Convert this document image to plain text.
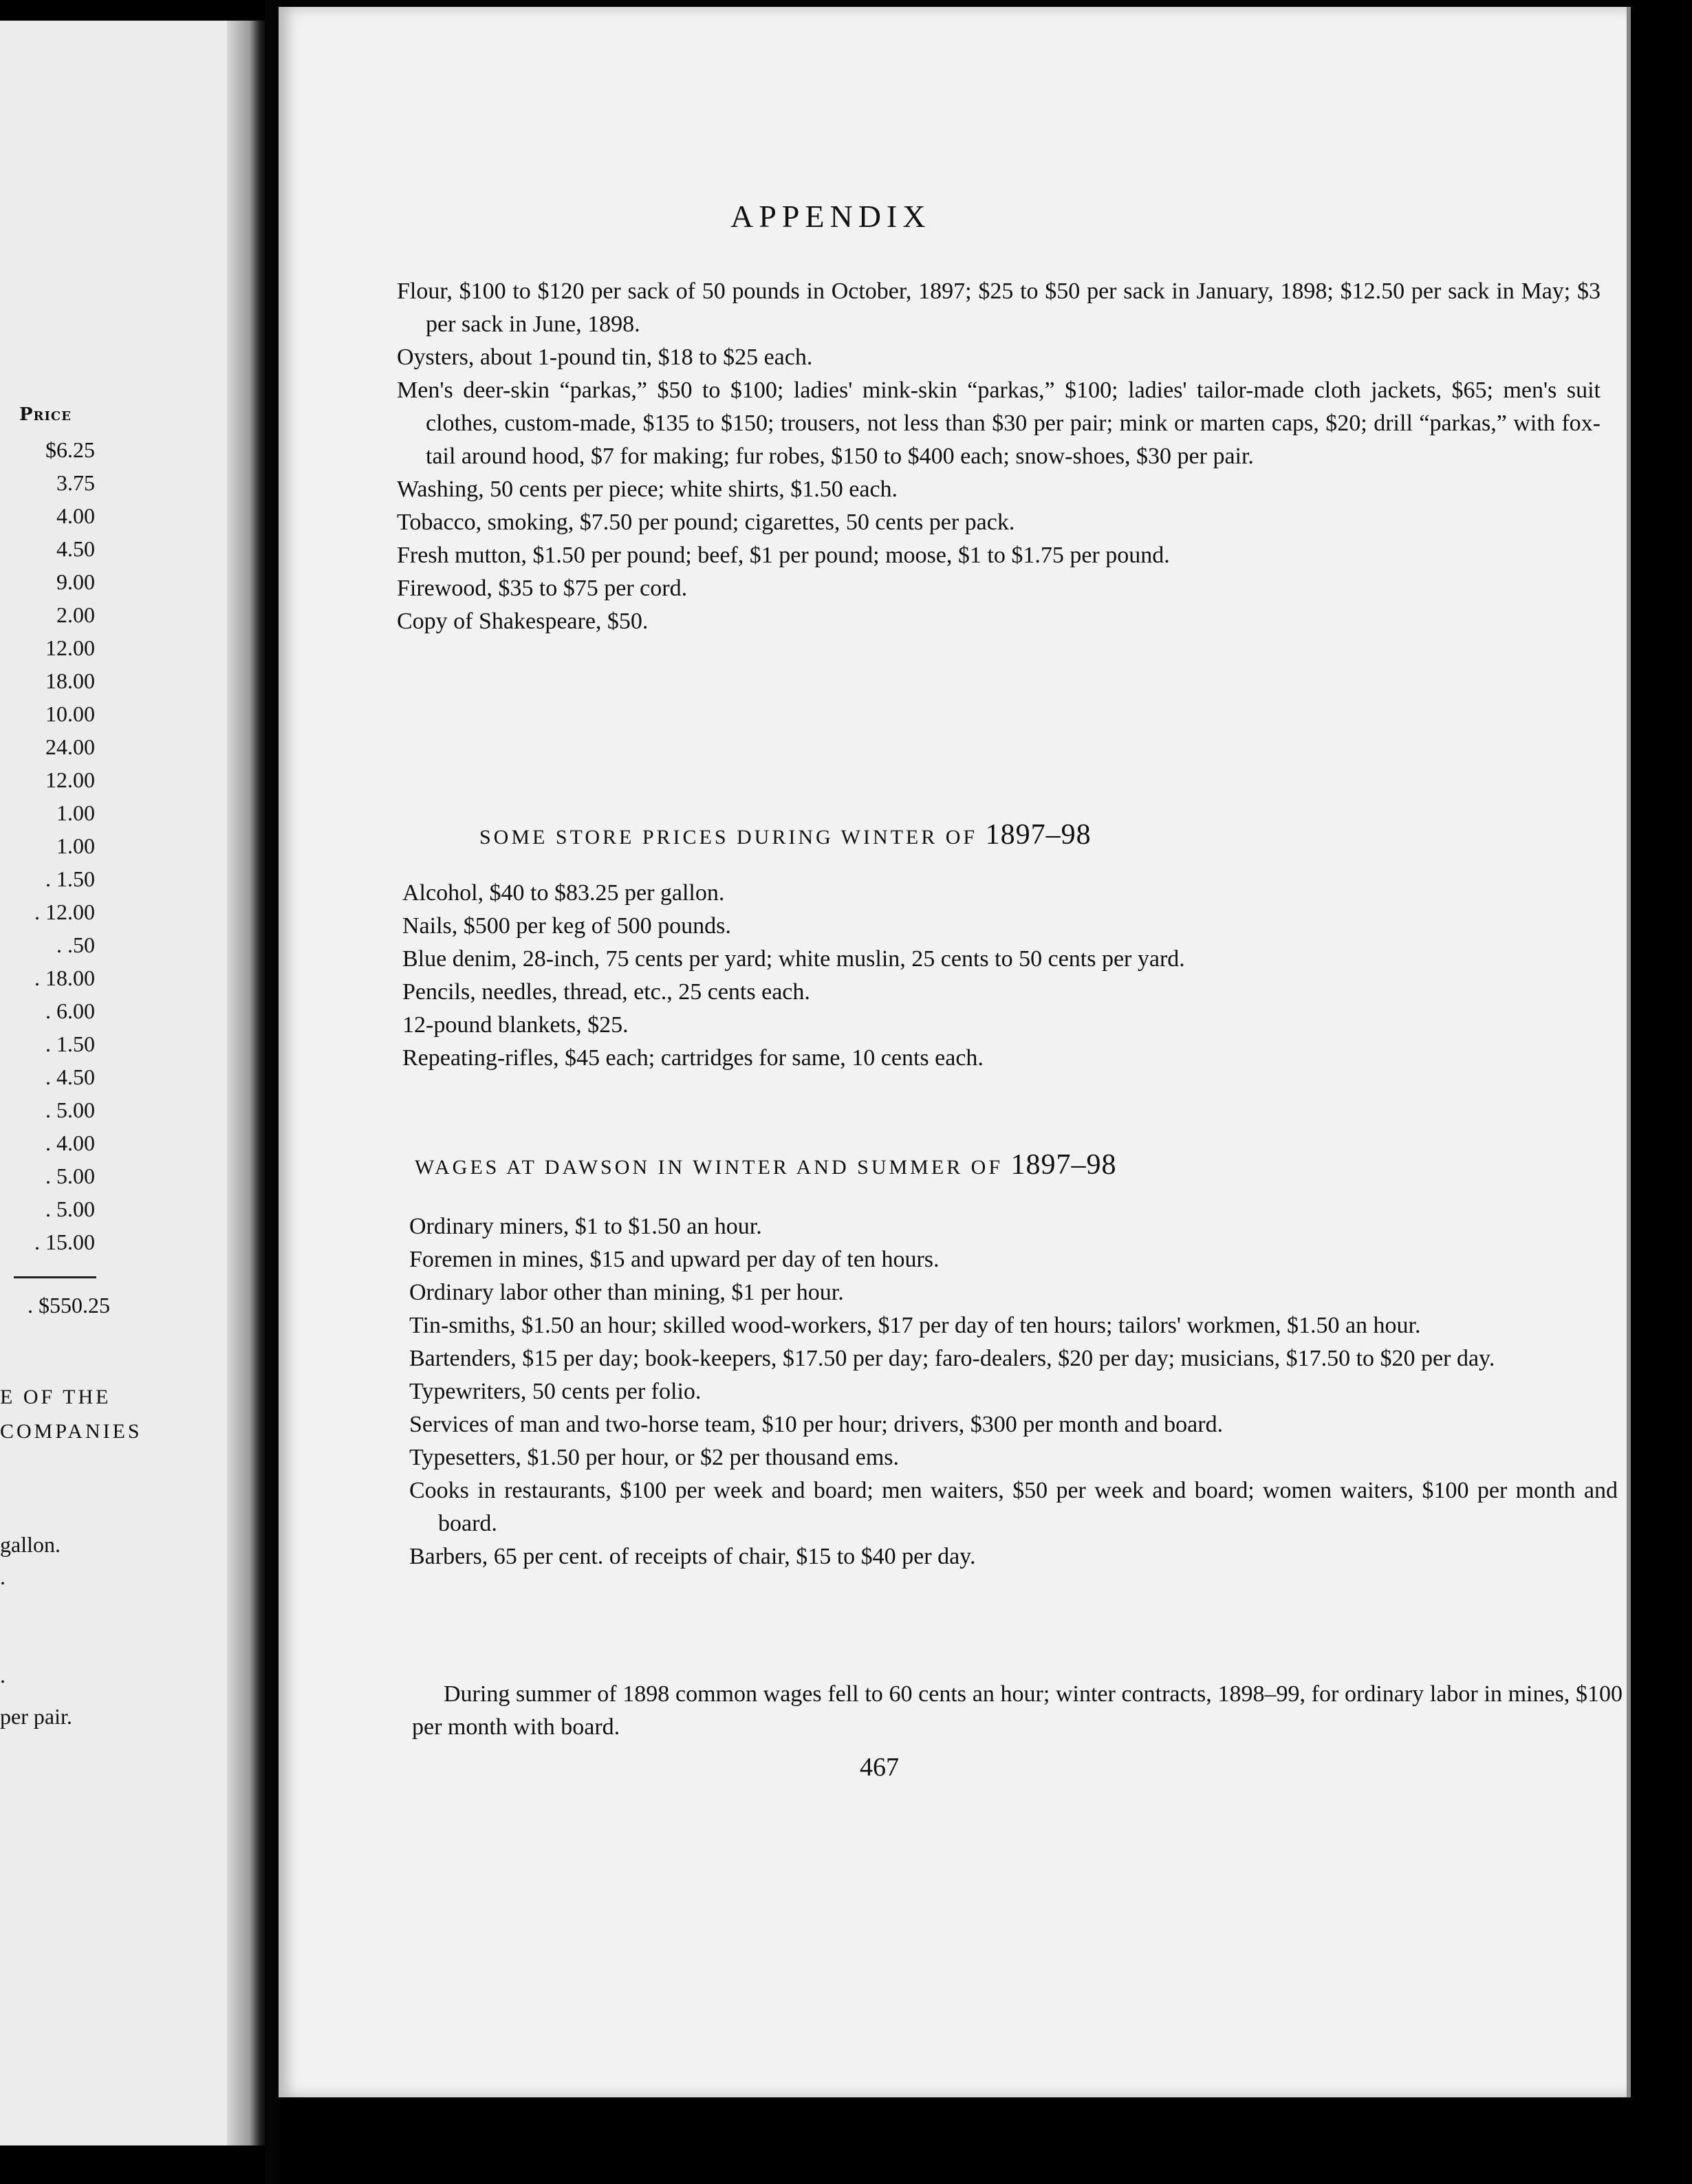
Price
$6.25
3.75
4.00
4.50
9.00
2.00
12.00
18.00
10.00
24.00
12.00
1.00
1.00
. 1.50
. 12.00
. .50
. 18.00
. 6.00
. 1.50
. 4.50
. 5.00
. 4.00
. 5.00
. 5.00
. 15.00
. $550.25
E OF THE
COMPANIES
gallon.
.
.
per pair.
APPENDIX
Flour, $100 to $120 per sack of 50 pounds in October, 1897; $25 to $50 per sack in January, 1898; $12.50 per sack in May; $3 per sack in June, 1898.
Oysters, about 1-pound tin, $18 to $25 each.
Men's deer-skin “parkas,” $50 to $100; ladies' mink-skin “parkas,” $100; ladies' tailor-made cloth jackets, $65; men's suit clothes, custom-made, $135 to $150; trousers, not less than $30 per pair; mink or marten caps, $20; drill “parkas,” with fox-tail around hood, $7 for making; fur robes, $150 to $400 each; snow-shoes, $30 per pair.
Washing, 50 cents per piece; white shirts, $1.50 each.
Tobacco, smoking, $7.50 per pound; cigarettes, 50 cents per pack.
Fresh mutton, $1.50 per pound; beef, $1 per pound; moose, $1 to $1.75 per pound.
Firewood, $35 to $75 per cord.
Copy of Shakespeare, $50.
SOME STORE PRICES DURING WINTER OF 1897–98
Alcohol, $40 to $83.25 per gallon.
Nails, $500 per keg of 500 pounds.
Blue denim, 28-inch, 75 cents per yard; white muslin, 25 cents to 50 cents per yard.
Pencils, needles, thread, etc., 25 cents each.
12-pound blankets, $25.
Repeating-rifles, $45 each; cartridges for same, 10 cents each.
WAGES AT DAWSON IN WINTER AND SUMMER OF 1897–98
Ordinary miners, $1 to $1.50 an hour.
Foremen in mines, $15 and upward per day of ten hours.
Ordinary labor other than mining, $1 per hour.
Tin-smiths, $1.50 an hour; skilled wood-workers, $17 per day of ten hours; tailors' workmen, $1.50 an hour.
Bartenders, $15 per day; book-keepers, $17.50 per day; faro-dealers, $20 per day; musicians, $17.50 to $20 per day.
Typewriters, 50 cents per folio.
Services of man and two-horse team, $10 per hour; drivers, $300 per month and board.
Typesetters, $1.50 per hour, or $2 per thousand ems.
Cooks in restaurants, $100 per week and board; men waiters, $50 per week and board; women waiters, $100 per month and board.
Barbers, 65 per cent. of receipts of chair, $15 to $40 per day.
During summer of 1898 common wages fell to 60 cents an hour; winter contracts, 1898–99, for ordinary labor in mines, $100 per month with board.
467
